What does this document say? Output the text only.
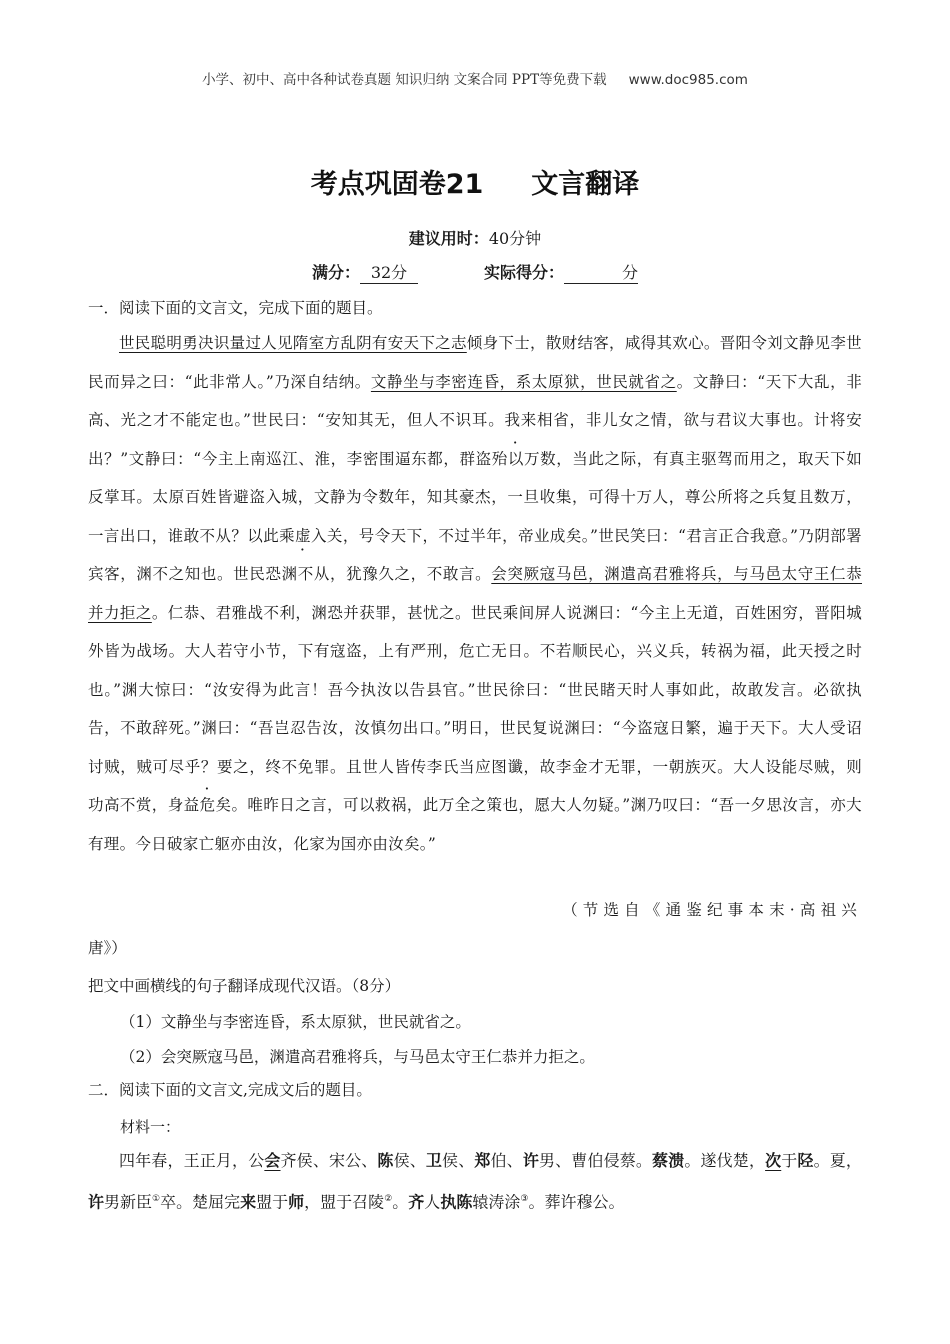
小学、初中、高中各种试卷真题 知识归纳 文案合同 PPT等免费下载 www.doc985.com
考点巩固卷21 文言翻译
建议用时：40分钟
满分： 32分	实际得分：	分
一．阅读下面的文言文，完成下面的题目。

世民聪明勇决识量过人见隋室方乱阴有安天下之志倾身下士，散财结客，咸得其欢心。晋阳令刘文静见李世民而异之曰：“此非常人。”乃深自结纳。文静坐与李密连昏，系太原狱，世民就省之。文静曰：“天下大乱，非高、光之才不能定也。”世民曰：“安知其无，但人不识耳。我来相省，非儿女之情，欲与君议大事也。计将安出？”文静曰：“今主上南巡江、淮，李密围逼东都，群盗殆以万数，当此之际，有真主驱驾而用之，取天下如反掌耳。太原百姓皆避盗入城，文静为令数年，知其豪杰，一旦收集，可得十万人，尊公所将之兵复且数万，一言出口，谁敢不从？以此乘虚入关，号令天下，不过半年，帝业成矣。”世民笑曰：“君言正合我意。”乃阴部署宾客，渊不之知也。世民恐渊不从，犹豫久之，不敢言。会突厥寇马邑，渊遣高君雅将兵，与马邑太守王仁恭并力拒之。仁恭、君雅战不利，渊恐并获罪，甚忧之。世民乘间屏人说渊曰：“今主上无道，百姓困穷，晋阳城外皆为战场。大人若守小节，下有寇盗，上有严刑，危亡无日。不若顺民心，兴义兵，转祸为福，此天授之时也。”渊大惊曰：“汝安得为此言！吾今执汝以告县官。”世民徐曰：“世民睹天时人事如此，故敢发言。必欲执告，不敢辞死。”渊曰：“吾岂忍告汝，汝慎勿出口。”明日，世民复说渊曰：“今盗寇日繁，遍于天下。大人受诏讨贼，贼可尽乎？要之，终不免罪。且世人皆传李氏当应图谶，故李金才无罪，一朝族灭。大人设能尽贼，则功高不赏，身益危矣。唯昨日之言，可以救祸，此万全之策也，愿大人勿疑。”渊乃叹曰：“吾一夕思汝言，亦大有理。今日破家亡躯亦由汝，化家为国亦由汝矣。”

（节选自《通鉴纪事本末·高祖兴
唐》）
把文中画横线的句子翻译成现代汉语。（8分）
（1）文静坐与李密连昏，系太原狱，世民就省之。
（2）会突厥寇马邑，渊遣高君雅将兵，与马邑太守王仁恭并力拒之。
二．阅读下面的文言文,完成文后的题目。
材料一：

四年春，王正月，公会齐侯、宋公、陈侯、卫侯、郑伯、许男、曹伯侵蔡。蔡溃。遂伐楚，次于陉。夏，许男新臣①卒。楚屈完来盟于师，盟于召陵②。齐人执陈辕涛涂③。葬许穆公。
